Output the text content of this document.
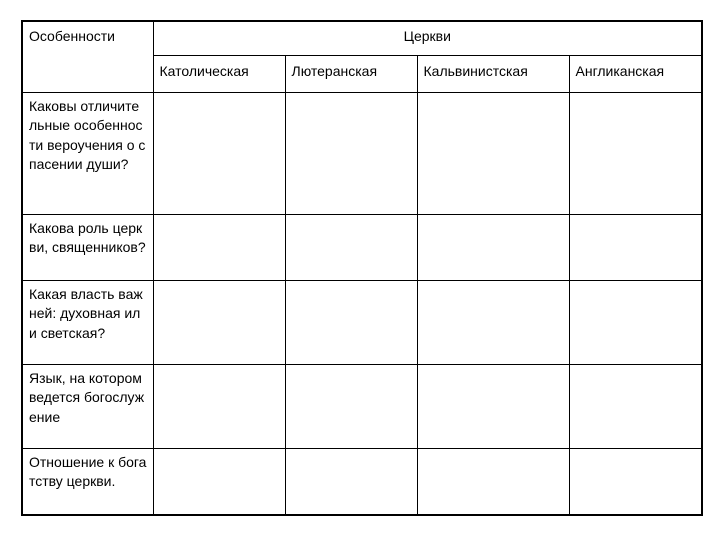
Особенности	Церкви			
	Католическая	Лютеранская	Кальвинистская	Англиканская
Каковы отличительные особенности вероучения о спасении души?				
Какова роль церкви, священников?				
Какая власть важней: духовная или светская?				
Язык, на котором ведется богослужение				
Отношение к богатству церкви.				
